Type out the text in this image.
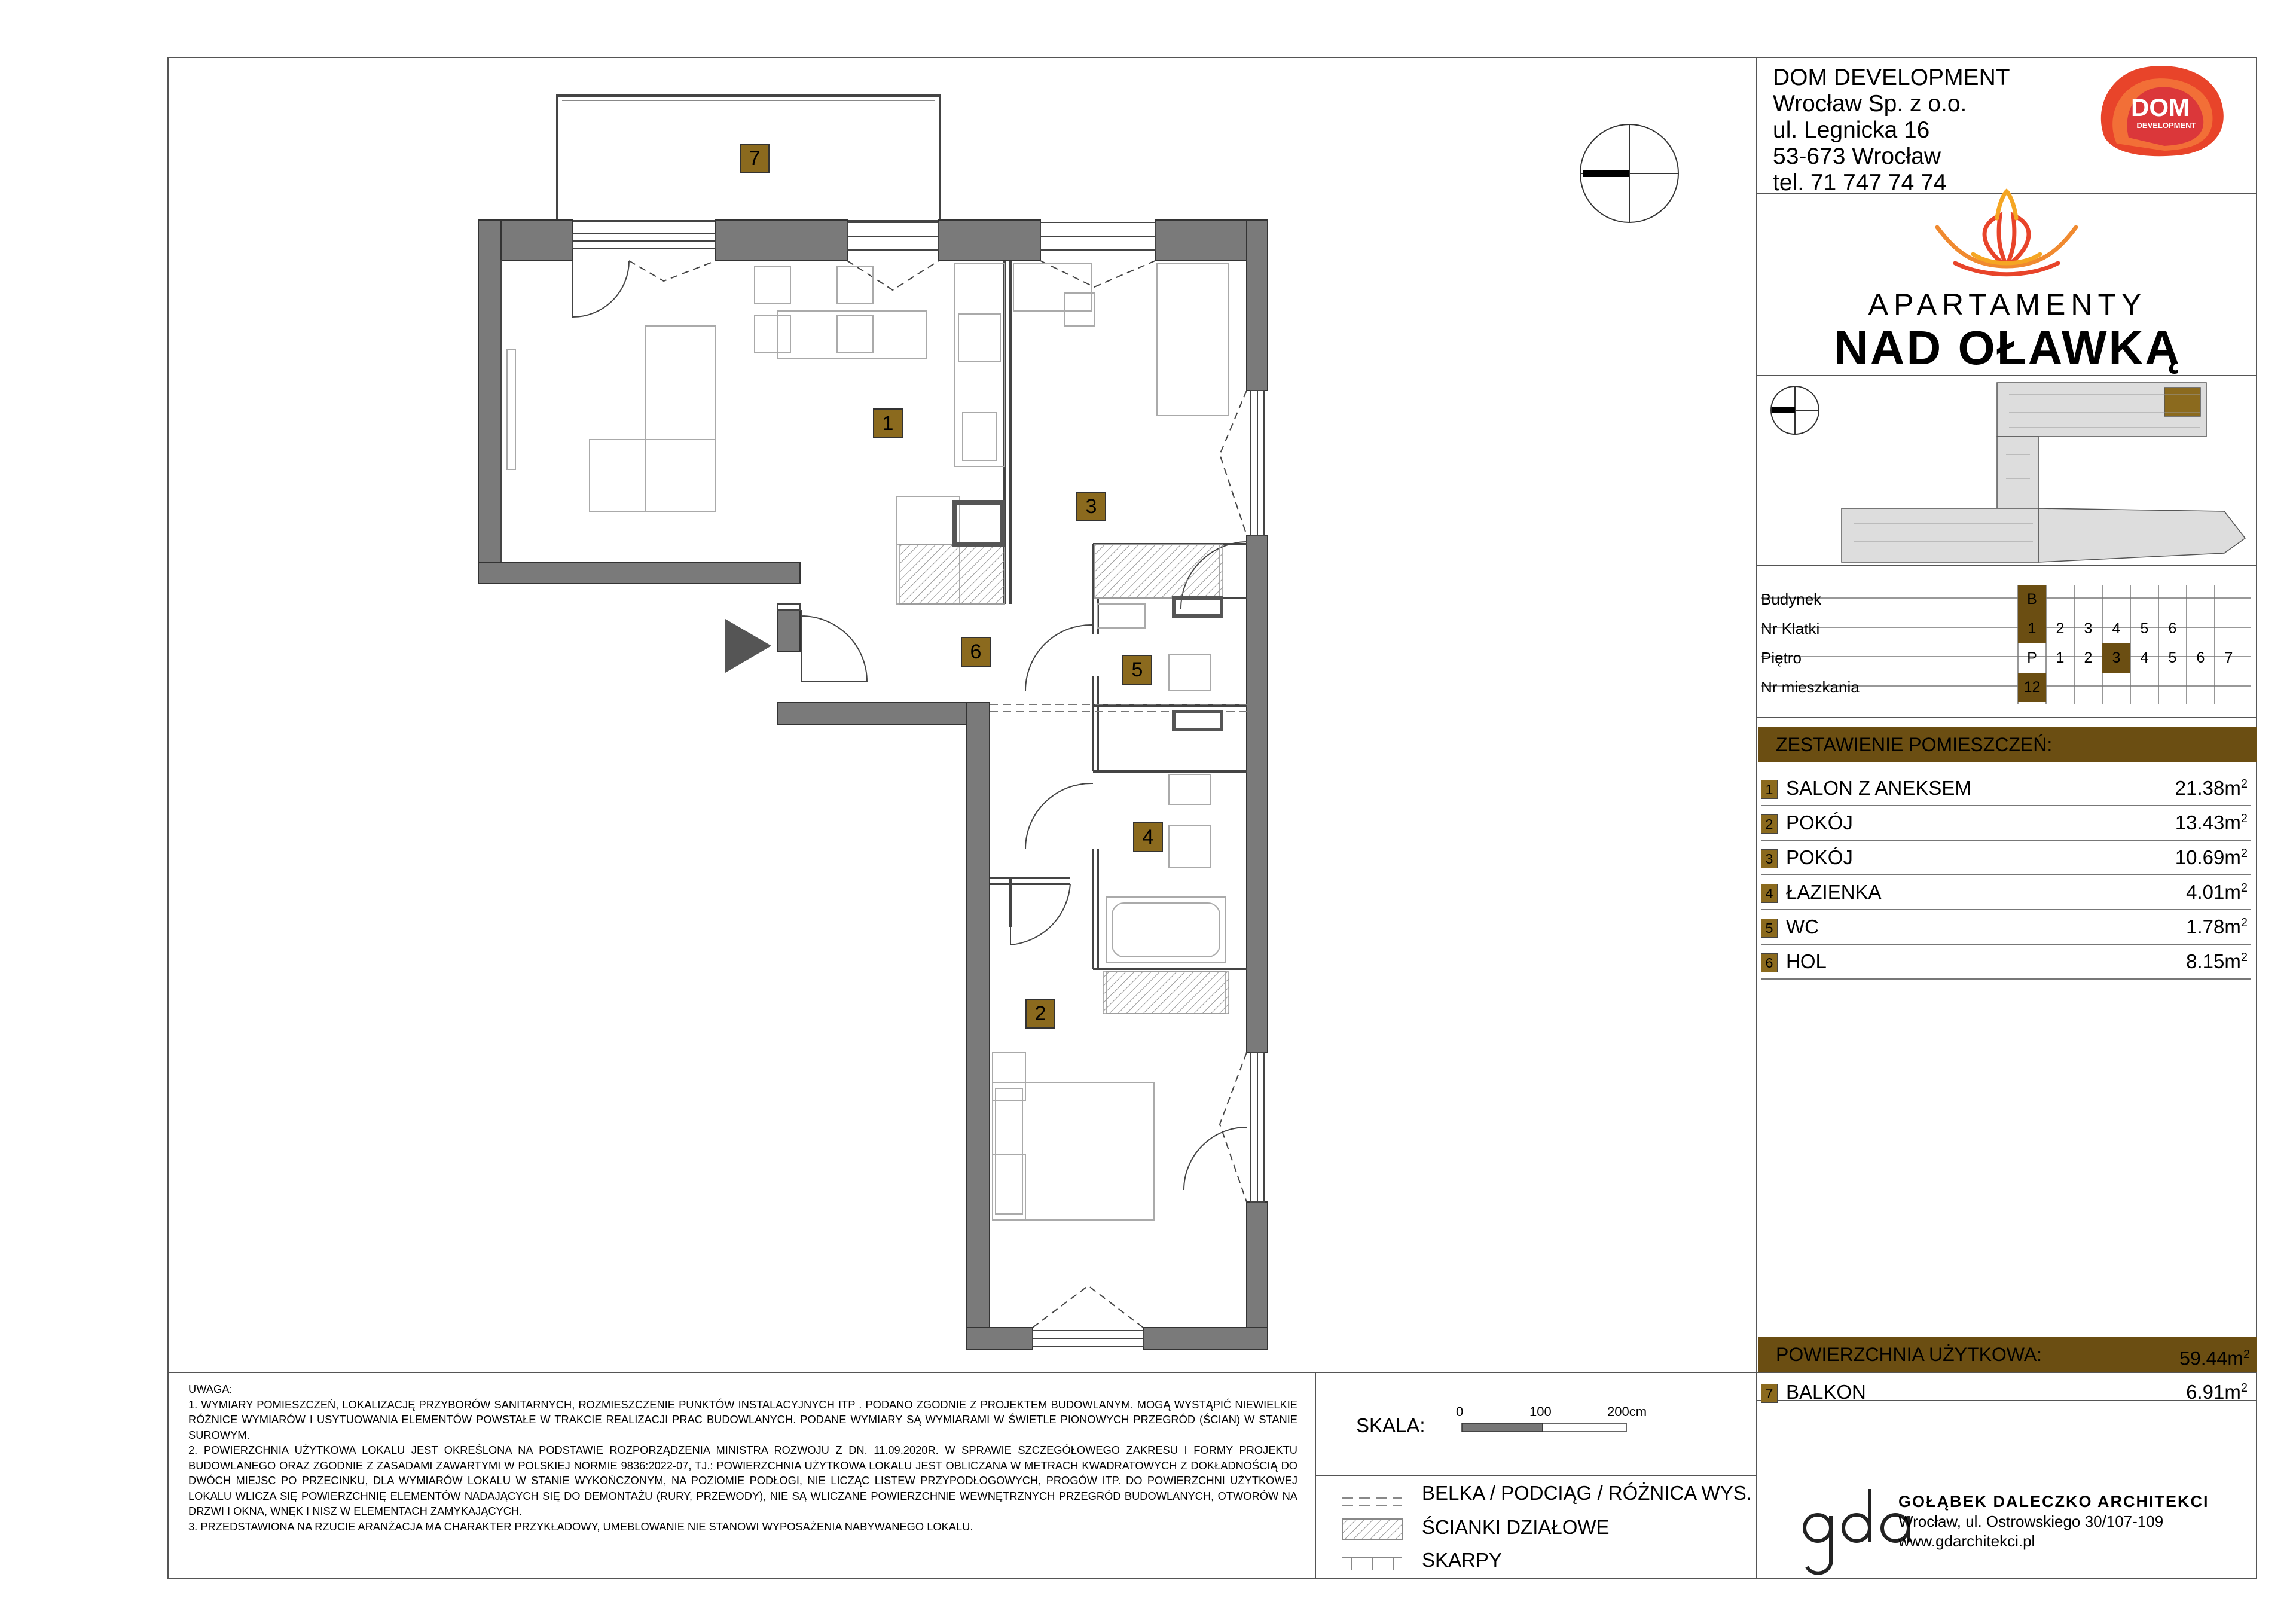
7
1
2
3
4
5
6
DOM DEVELOPMENT
Wrocław Sp. z o.o.
ul. Legnicka 16
53-673 Wrocław
tel. 71 747 74 74
DOM
DEVELOPMENT
APARTAMENTY
NAD OŁAWKĄ
Budynek	B
Nr Klatki	1	2	3	4	5	6
Piętro	P	1	2	3	4	5	6	7
Nr mieszkania	12
ZESTAWIENIE POMIESZCZEŃ:
1 SALON Z ANEKSEM	$21.38m^2$
2 POKÓJ	$13.43m^2$
3 POKÓJ	$10.69m^2$
4 ŁAZIENKA	$4.01m^2$
5 WC	$1.78m^2$
6 HOL	$8.15m^2$
POWIERZCHNIA UŻYTKOWA:	$59.44m^2$
7 BALKON	$6.91m^2$

UWAGA:

1. WYMIARY POMIESZCZEŃ, LOKALIZACJĘ PRZYBORÓW SANITARNYCH, ROZMIESZCZENIE PUNKTÓW INSTALACYJNYCH ITP . PODANO ZGODNIE Z PROJEKTEM BUDOWLANYM. MOGĄ WYSTĄPIĆ NIEWIELKIE RÓŻNICE WYMIARÓW I USYTUOWANIA ELEMENTÓW POWSTAŁE W TRAKCIE REALIZACJI PRAC BUDOWLANYCH. PODANE WYMIARY SĄ WYMIARAMI W ŚWIETLE PIONOWYCH PRZEGRÓD (ŚCIAN) W STANIE SUROWYM.

2. POWIERZCHNIA UŻYTKOWA LOKALU JEST OKREŚLONA NA PODSTAWIE ROZPORZĄDZENIA MINISTRA ROZWOJU Z DN. 11.09.2020R. W SPRAWIE SZCZEGÓŁOWEGO ZAKRESU I FORMY PROJEKTU BUDOWLANEGO ORAZ ZGODNIE Z ZASADAMI ZAWARTYMI W POLSKIEJ NORMIE 9836:2022-07, TJ.: POWIERZCHNIA UŻYTKOWA LOKALU JEST OBLICZANA W METRACH KWADRATOWYCH Z DOKŁADNOŚCIĄ DO DWÓCH MIEJSC PO PRZECINKU, DLA WYMIARÓW LOKALU W STANIE WYKOŃCZONYM, NA POZIOMIE PODŁOGI, NIE LICZĄC LISTEW PRZYPODŁOGOWYCH, PROGÓW ITP. DO POWIERZCHNI UŻYTKOWEJ LOKALU WLICZA SIĘ POWIERZCHNIĘ ELEMENTÓW NADAJĄCYCH SIĘ DO DEMONTAŻU (RURY, PRZEWODY), NIE SĄ WLICZANE POWIERZCHNIE WEWNĘTRZNYCH PRZEGRÓD BUDOWLANYCH, OTWORÓW NA DRZWI I OKNA, WNĘK I NISZ W ELEMENTACH ZAMYKAJĄCYCH.

3. PRZEDSTAWIONA NA RZUCIE ARANŻACJA MA CHARAKTER PRZYKŁADOWY, UMEBLOWANIE NIE STANOWI WYPOSAŻENIA NABYWANEGO LOKALU.

SKALA:
0	100	200cm
BELKA / PODCIĄG / RÓŻNICA WYS.
ŚCIANKI DZIAŁOWE
SKARPY
GOŁĄBEK DALECZKO ARCHITEKCI
Wrocław, ul. Ostrowskiego 30/107-109
www.gdarchitekci.pl
